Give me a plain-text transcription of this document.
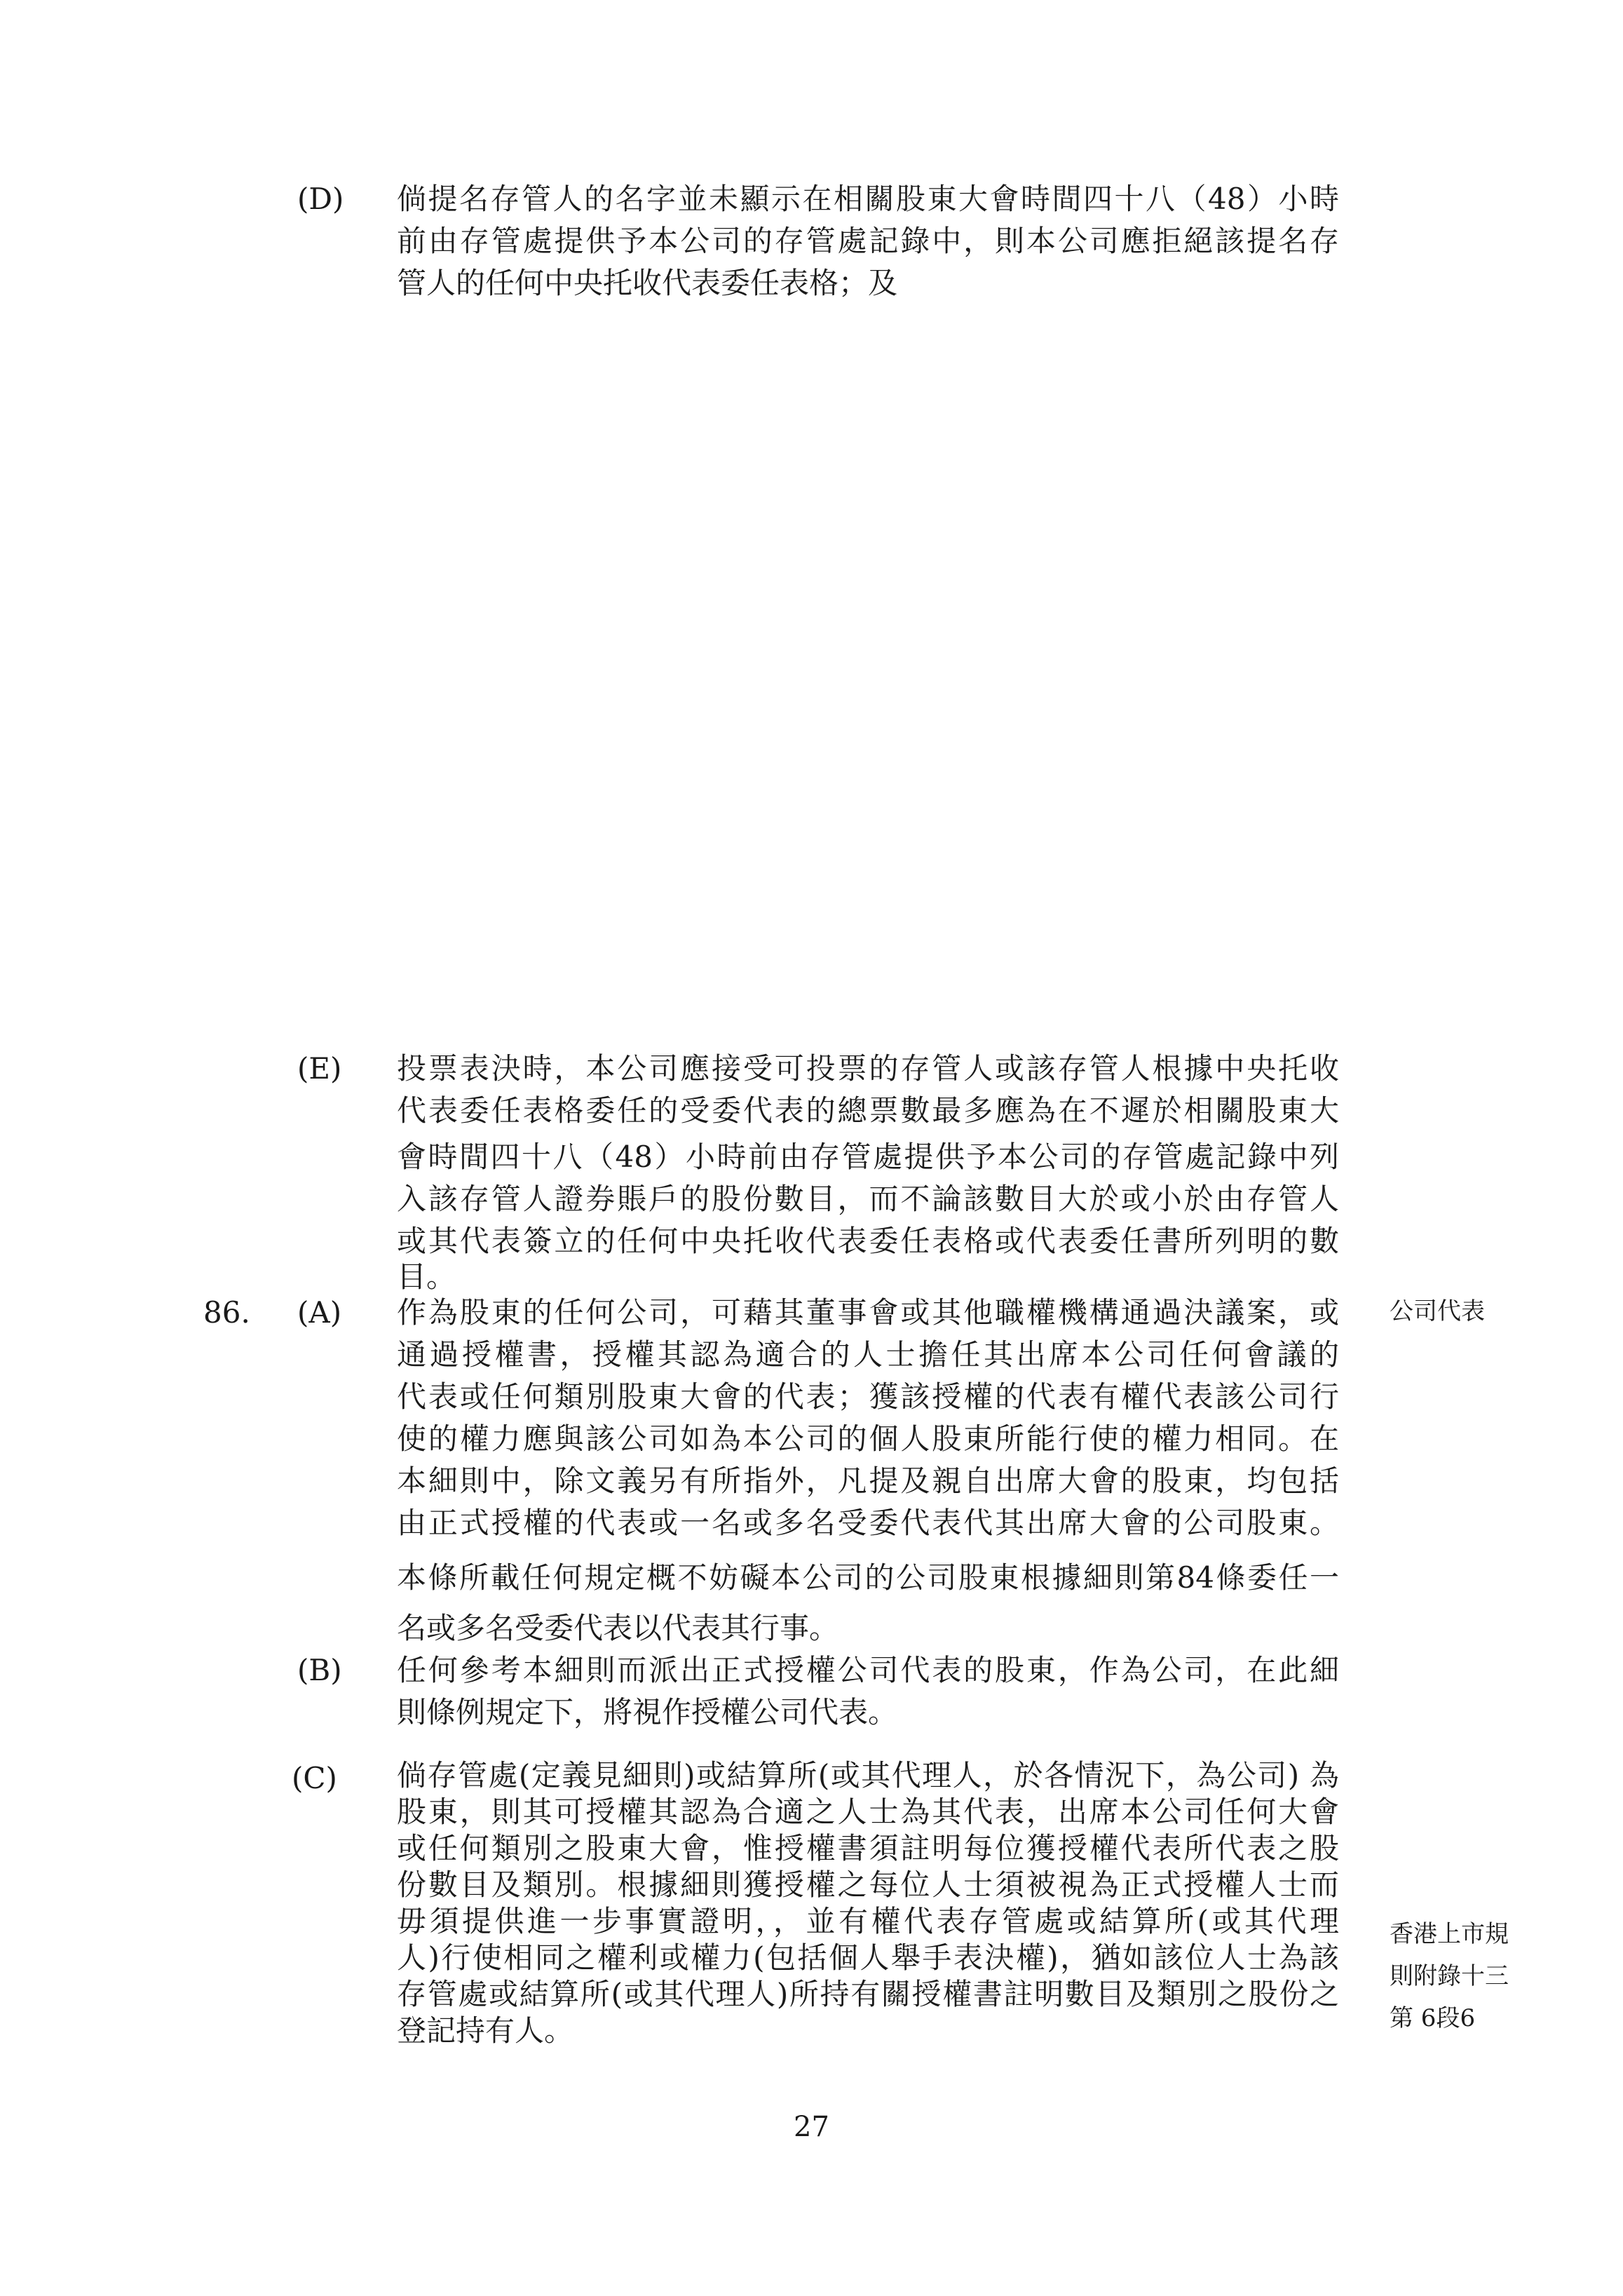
(D) 倘提名存管人的名字並未顯示在相關股東大會時間四十八（48）小時
前由存管處提供予本公司的存管處記錄中，則本公司應拒絕該提名存
管人的任何中央托收代表委任表格；及
(E) 投票表決時，本公司應接受可投票的存管人或該存管人根據中央托收
代表委任表格委任的受委代表的總票數最多應為在不遲於相關股東大
會時間四十八（48）小時前由存管處提供予本公司的存管處記錄中列
入該存管人證券賬戶的股份數目，而不論該數目大於或小於由存管人
或其代表簽立的任何中央托收代表委任表格或代表委任書所列明的數
目。
86. (A) 作為股東的任何公司，可藉其董事會或其他職權機構通過決議案，或
通過授權書，授權其認為適合的人士擔任其出席本公司任何會議的
代表或任何類別股東大會的代表；獲該授權的代表有權代表該公司行
使的權力應與該公司如為本公司的個人股東所能行使的權力相同。在
本細則中，除文義另有所指外，凡提及親自出席大會的股東，均包括
由正式授權的代表或一名或多名受委代表代其出席大會的公司股東。
本條所載任何規定概不妨礙本公司的公司股東根據細則第84條委任一
名或多名受委代表以代表其行事。
公司代表
(B) 任何參考本細則而派出正式授權公司代表的股東，作為公司，在此細
則條例規定下，將視作授權公司代表。
(C) 倘存管處(定義見細則)或結算所(或其代理人，於各情況下，為公司) 為
股東，則其可授權其認為合適之人士為其代表，出席本公司任何大會
或任何類別之股東大會，惟授權書須註明每位獲授權代表所代表之股
份數目及類別。根據細則獲授權之每位人士須被視為正式授權人士而
毋須提供進一步事實證明，，並有權代表存管處或結算所(或其代理
人)行使相同之權利或權力(包括個人舉手表決權)，猶如該位人士為該
存管處或結算所(或其代理人)所持有關授權書註明數目及類別之股份之
登記持有人。
香港上市規
則附錄十三
第 6段6
27
